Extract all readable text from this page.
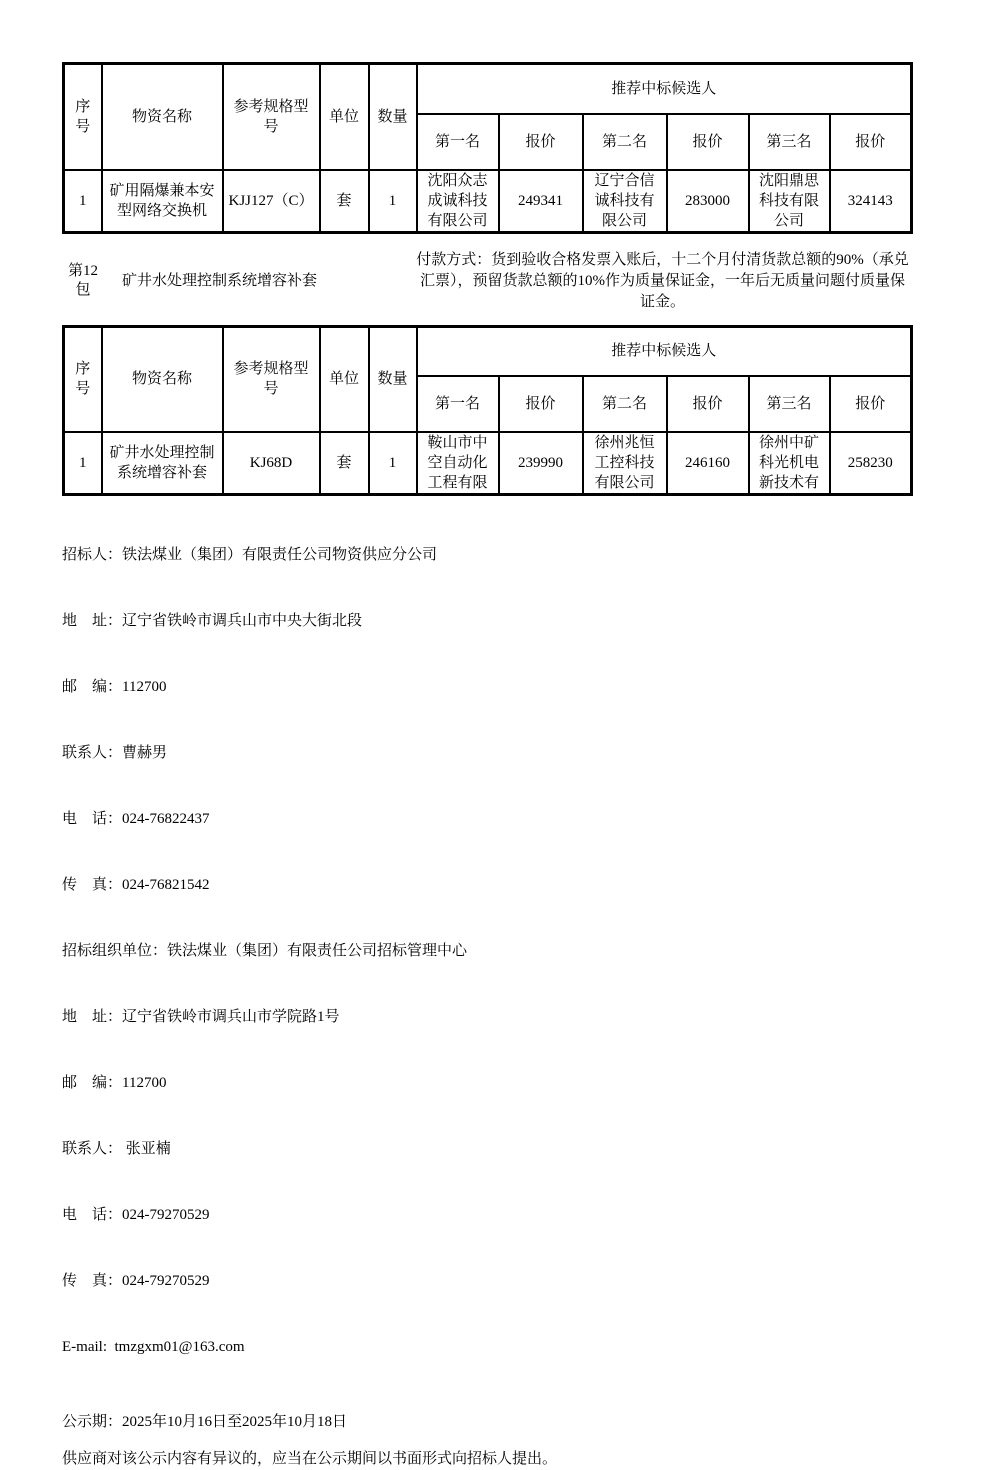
序号	物资名称	参考规格型号	单位	数量	推荐中标候选人					
					第一名	报价	第二名	报价	第三名	报价
1	矿用隔爆兼本安型网络交换机	KJJ127（C）	套	1	沈阳众志成诚科技有限公司	249341	辽宁合信诚科技有限公司	283000	沈阳鼎思科技有限公司	324143
第12包
矿井水处理控制系统增容补套
付款方式：货到验收合格发票入账后，十二个月付清货款总额的90%（承兑汇票），预留货款总额的10%作为质量保证金，一年后无质量问题付质量保证金。
序号	物资名称	参考规格型号	单位	数量	推荐中标候选人					
					第一名	报价	第二名	报价	第三名	报价
1	矿井水处理控制系统增容补套	KJ68D	套	1	鞍山市中空自动化工程有限	239990	徐州兆恒工控科技有限公司	246160	徐州中矿科光机电新技术有	258230

招标人：铁法煤业（集团）有限责任公司物资供应分公司

地　址：辽宁省铁岭市调兵山市中央大街北段

邮　编：112700

联系人：曹赫男

电　话：024-76822437

传　真：024-76821542

招标组织单位：铁法煤业（集团）有限责任公司招标管理中心

地　址：辽宁省铁岭市调兵山市学院路1号

邮　编：112700

联系人： 张亚楠

电　话：024-79270529

传　真：024-79270529

E-mail:  tmzgxm01@163.com

公示期：2025年10月16日至2025年10月18日
供应商对该公示内容有异议的，应当在公示期间以书面形式向招标人提出。
